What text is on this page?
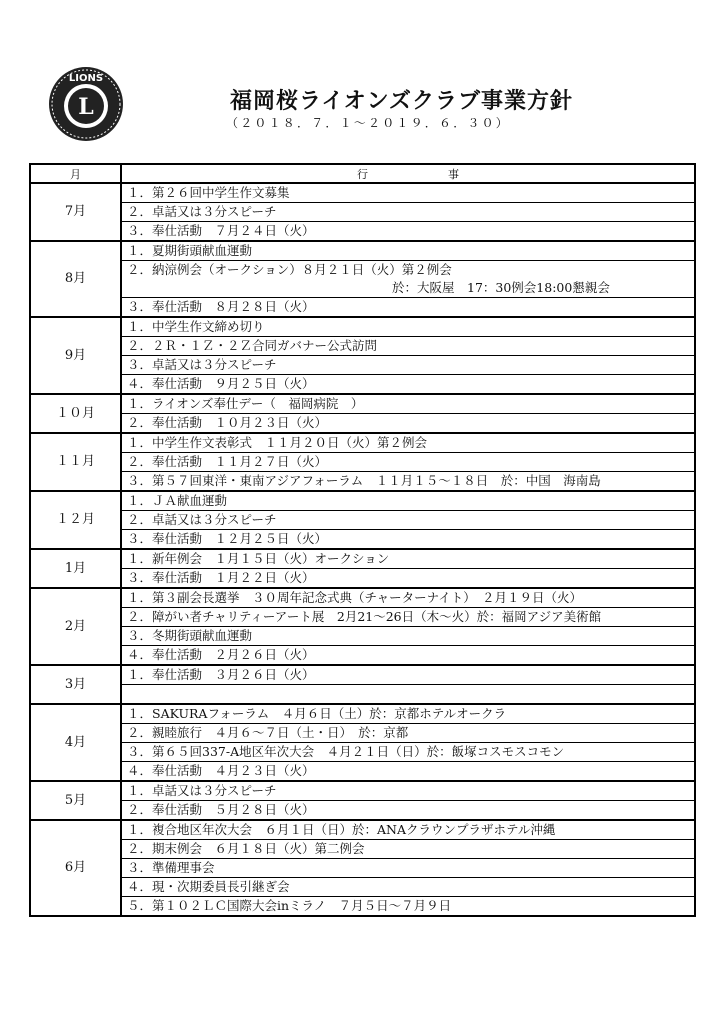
L
LIONS
福岡桜ライオンズクラブ事業方針
（２０１８．７．１～２０１９．６．３０）
月	行 事
7月	１．第２６回中学生作文募集
	２．卓話又は３分スピーチ
	３．奉仕活動　７月２４日（火）
8月	１．夏期街頭献血運動
	２．納涼例会（オークション）８月２１日（火）第２例会
於：大阪屋　17：30例会18:00懇親会

	３．奉仕活動　８月２８日（火）
9月	１．中学生作文締め切り
	２．２Ｒ・１Ｚ・２Ｚ合同ガバナー公式訪問
	３．卓話又は３分スピーチ
	４．奉仕活動　９月２５日（火）
１０月	１．ライオンズ奉仕デー（　福岡病院　）
	２．奉仕活動　１０月２３日（火）
１１月	１．中学生作文表彰式　１１月２０日（火）第２例会
	２．奉仕活動　１１月２７日（火）
	３．第５７回東洋・東南アジアフォーラム　１１月１５～１８日　於：中国　海南島
１２月	１．ＪＡ献血運動
	２．卓話又は３分スピーチ
	３．奉仕活動　１２月２５日（火）
1月	１．新年例会　１月１５日（火）オークション
	３．奉仕活動　１月２２日（火）
2月	１．第３副会長選挙　３０周年記念式典（チャーターナイト）　２月１９日（火）
	２．障がい者チャリティーアート展　2月21～26日（木～火）於：福岡アジア美術館
	３．冬期街頭献血運動
	４．奉仕活動　２月２６日（火）
3月	１．奉仕活動　３月２６日（火）

4月	１．SAKURAフォーラム　４月６日（土）於：京都ホテルオークラ
	２．親睦旅行　４月６～７日（土・日）　於：京都
	３．第６５回337-A地区年次大会　４月２１日（日）於：飯塚コスモスコモン
	４．奉仕活動　４月２３日（火）
5月	１．卓話又は３分スピーチ
	２．奉仕活動　５月２８日（火）
6月	１．複合地区年次大会　６月１日（日）於：ANAクラウンプラザホテル沖縄
	２．期末例会　６月１８日（火）第二例会
	３．準備理事会
	４．現・次期委員長引継ぎ会
	５．第１０２ＬＣ国際大会inミラノ　７月５日～７月９日
